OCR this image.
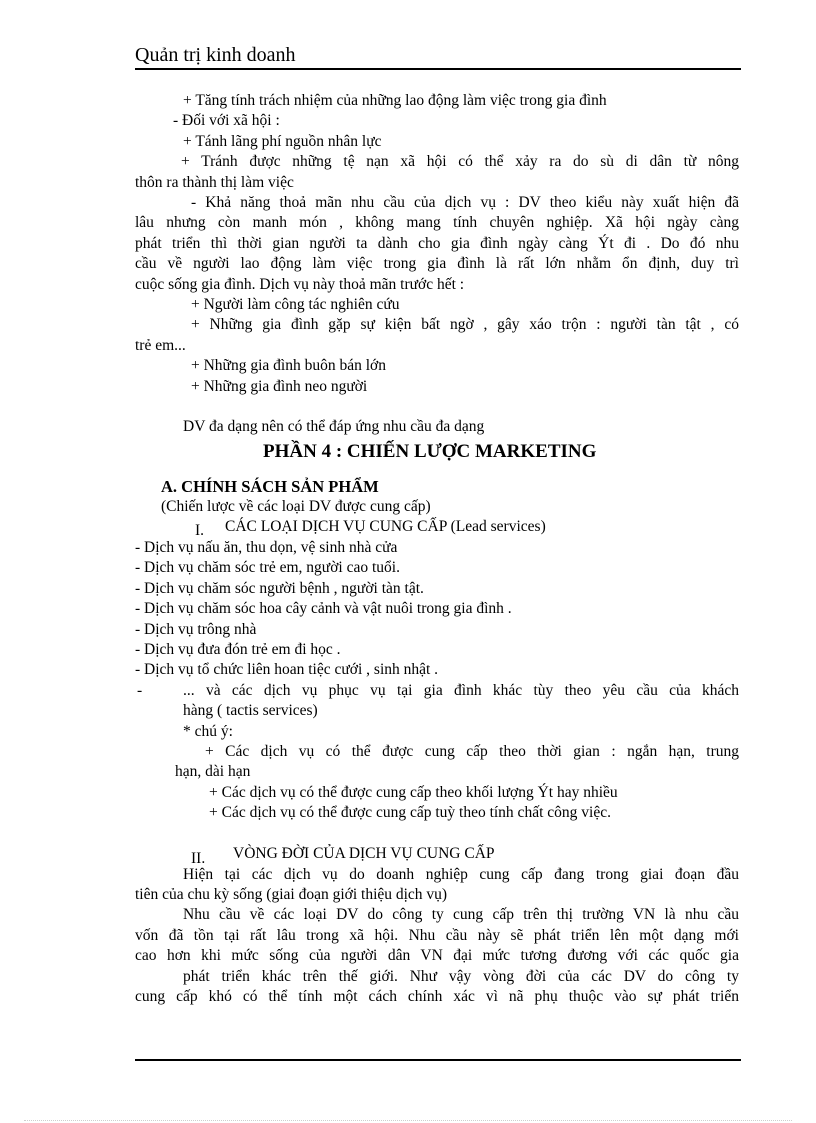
Quản trị kinh doanh

+ Tăng tính trách nhiệm của những lao động làm việc trong gia đình

- Đối với xã hội :

+ Tánh lãng phí nguồn nhân lực

+ Tránh được những tệ nạn xã hội có thể xảy ra do sù di dân từ nông

thôn ra thành thị làm việc

- Khả năng thoả mãn nhu cầu của dịch vụ : DV theo kiểu này xuất hiện đã

lâu nhưng còn manh món , không mang tính chuyên nghiệp. Xã hội ngày càng

phát triển thì thời gian người ta dành cho gia đình ngày càng Ýt đi . Do đó nhu

cầu về người lao động làm việc trong gia đình là rất lớn nhằm ổn định, duy trì

cuộc sống gia đình. Dịch vụ này thoả mãn trước hết :

+ Người làm công tác nghiên cứu

+ Những gia đình gặp sự kiện bất ngờ , gây xáo trộn : người tàn tật , có

trẻ em...

+ Những gia đình buôn bán lớn

+ Những gia đình neo người

DV đa dạng nên có thể đáp ứng nhu cầu đa dạng

PHẦN 4 : CHIẾN LƯỢC MARKETING

A. CHÍNH SÁCH SẢN PHẨM

(Chiến lược về các loại DV được cung cấp)

I. CÁC LOẠI DỊCH VỤ CUNG CẤP (Lead services)

- Dịch vụ nấu ăn, thu dọn, vệ sinh nhà cửa

- Dịch vụ chăm sóc trẻ em, người cao tuổi.

- Dịch vụ chăm sóc người bệnh , người tàn tật.

- Dịch vụ chăm sóc hoa cây cảnh và vật nuôi trong gia đình .

- Dịch vụ trông nhà

- Dịch vụ đưa đón trẻ em đi học .

- Dịch vụ tổ chức liên hoan tiệc cưới , sinh nhật .

-	... và các dịch vụ phục vụ tại gia đình khác tùy theo yêu cầu của khách

hàng ( tactis services)

* chú ý:

+ Các dịch vụ có thể được cung cấp theo thời gian : ngắn hạn, trung

hạn, dài hạn

+ Các dịch vụ có thể được cung cấp theo khối lượng Ýt hay nhiều

+ Các dịch vụ có thể được cung cấp tuỳ theo tính chất công việc.

II. VÒNG ĐỜI CỦA DỊCH VỤ CUNG CẤP

Hiện tại các dịch vụ do doanh nghiệp cung cấp đang trong giai đoạn đầu

tiên của chu kỳ sống (giai đoạn giới thiệu dịch vụ)

Nhu cầu về các loại DV do công ty cung cấp trên thị trường VN là nhu cầu

vốn đã tồn tại rất lâu trong xã hội. Nhu cầu này sẽ phát triển lên một dạng mới

cao hơn khi mức sống của người dân VN đại mức tương đương với các quốc gia

phát triển khác trên thế giới. Như vậy vòng đời của các DV do công ty

cung cấp khó có thể tính một cách chính xác vì nã phụ thuộc vào sự phát triển
